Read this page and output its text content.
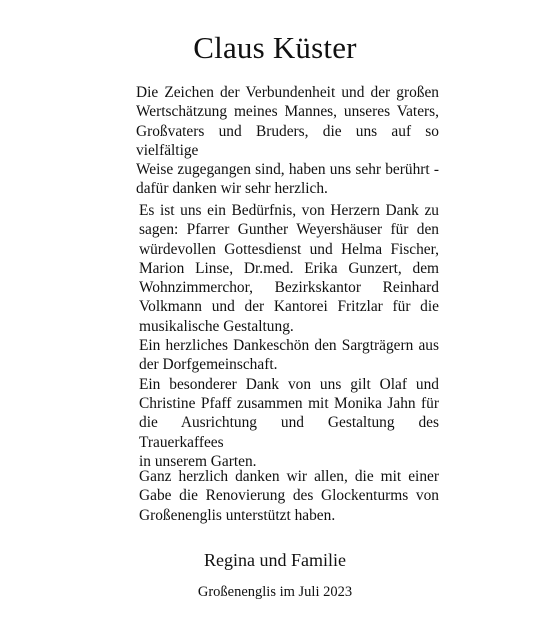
Claus Küster
Die Zeichen der Verbundenheit und der großen
Wertschätzung meines Mannes, unseres Vaters,
Großvaters und Bruders, die uns auf so vielfältige
Weise zugegangen sind, haben uns sehr berührt -
dafür danken wir sehr herzlich.
Es ist uns ein Bedürfnis, von Herzern Dank zu
sagen: Pfarrer Gunther Weyershäuser für den
würdevollen Gottesdienst und Helma Fischer,
Marion Linse, Dr.med. Erika Gunzert, dem
Wohnzimmerchor, Bezirkskantor Reinhard
Volkmann und der Kantorei Fritzlar für die
musikalische Gestaltung.
Ein herzliches Dankeschön den Sargträgern aus
der Dorfgemeinschaft.
Ein besonderer Dank von uns gilt Olaf und
Christine Pfaff zusammen mit Monika Jahn für
die Ausrichtung und Gestaltung des Trauerkaffees
in unserem Garten.
Ganz herzlich danken wir allen, die mit einer
Gabe die Renovierung des Glockenturms von
Großenenglis unterstützt haben.
Regina und Familie
Großenenglis im Juli 2023
